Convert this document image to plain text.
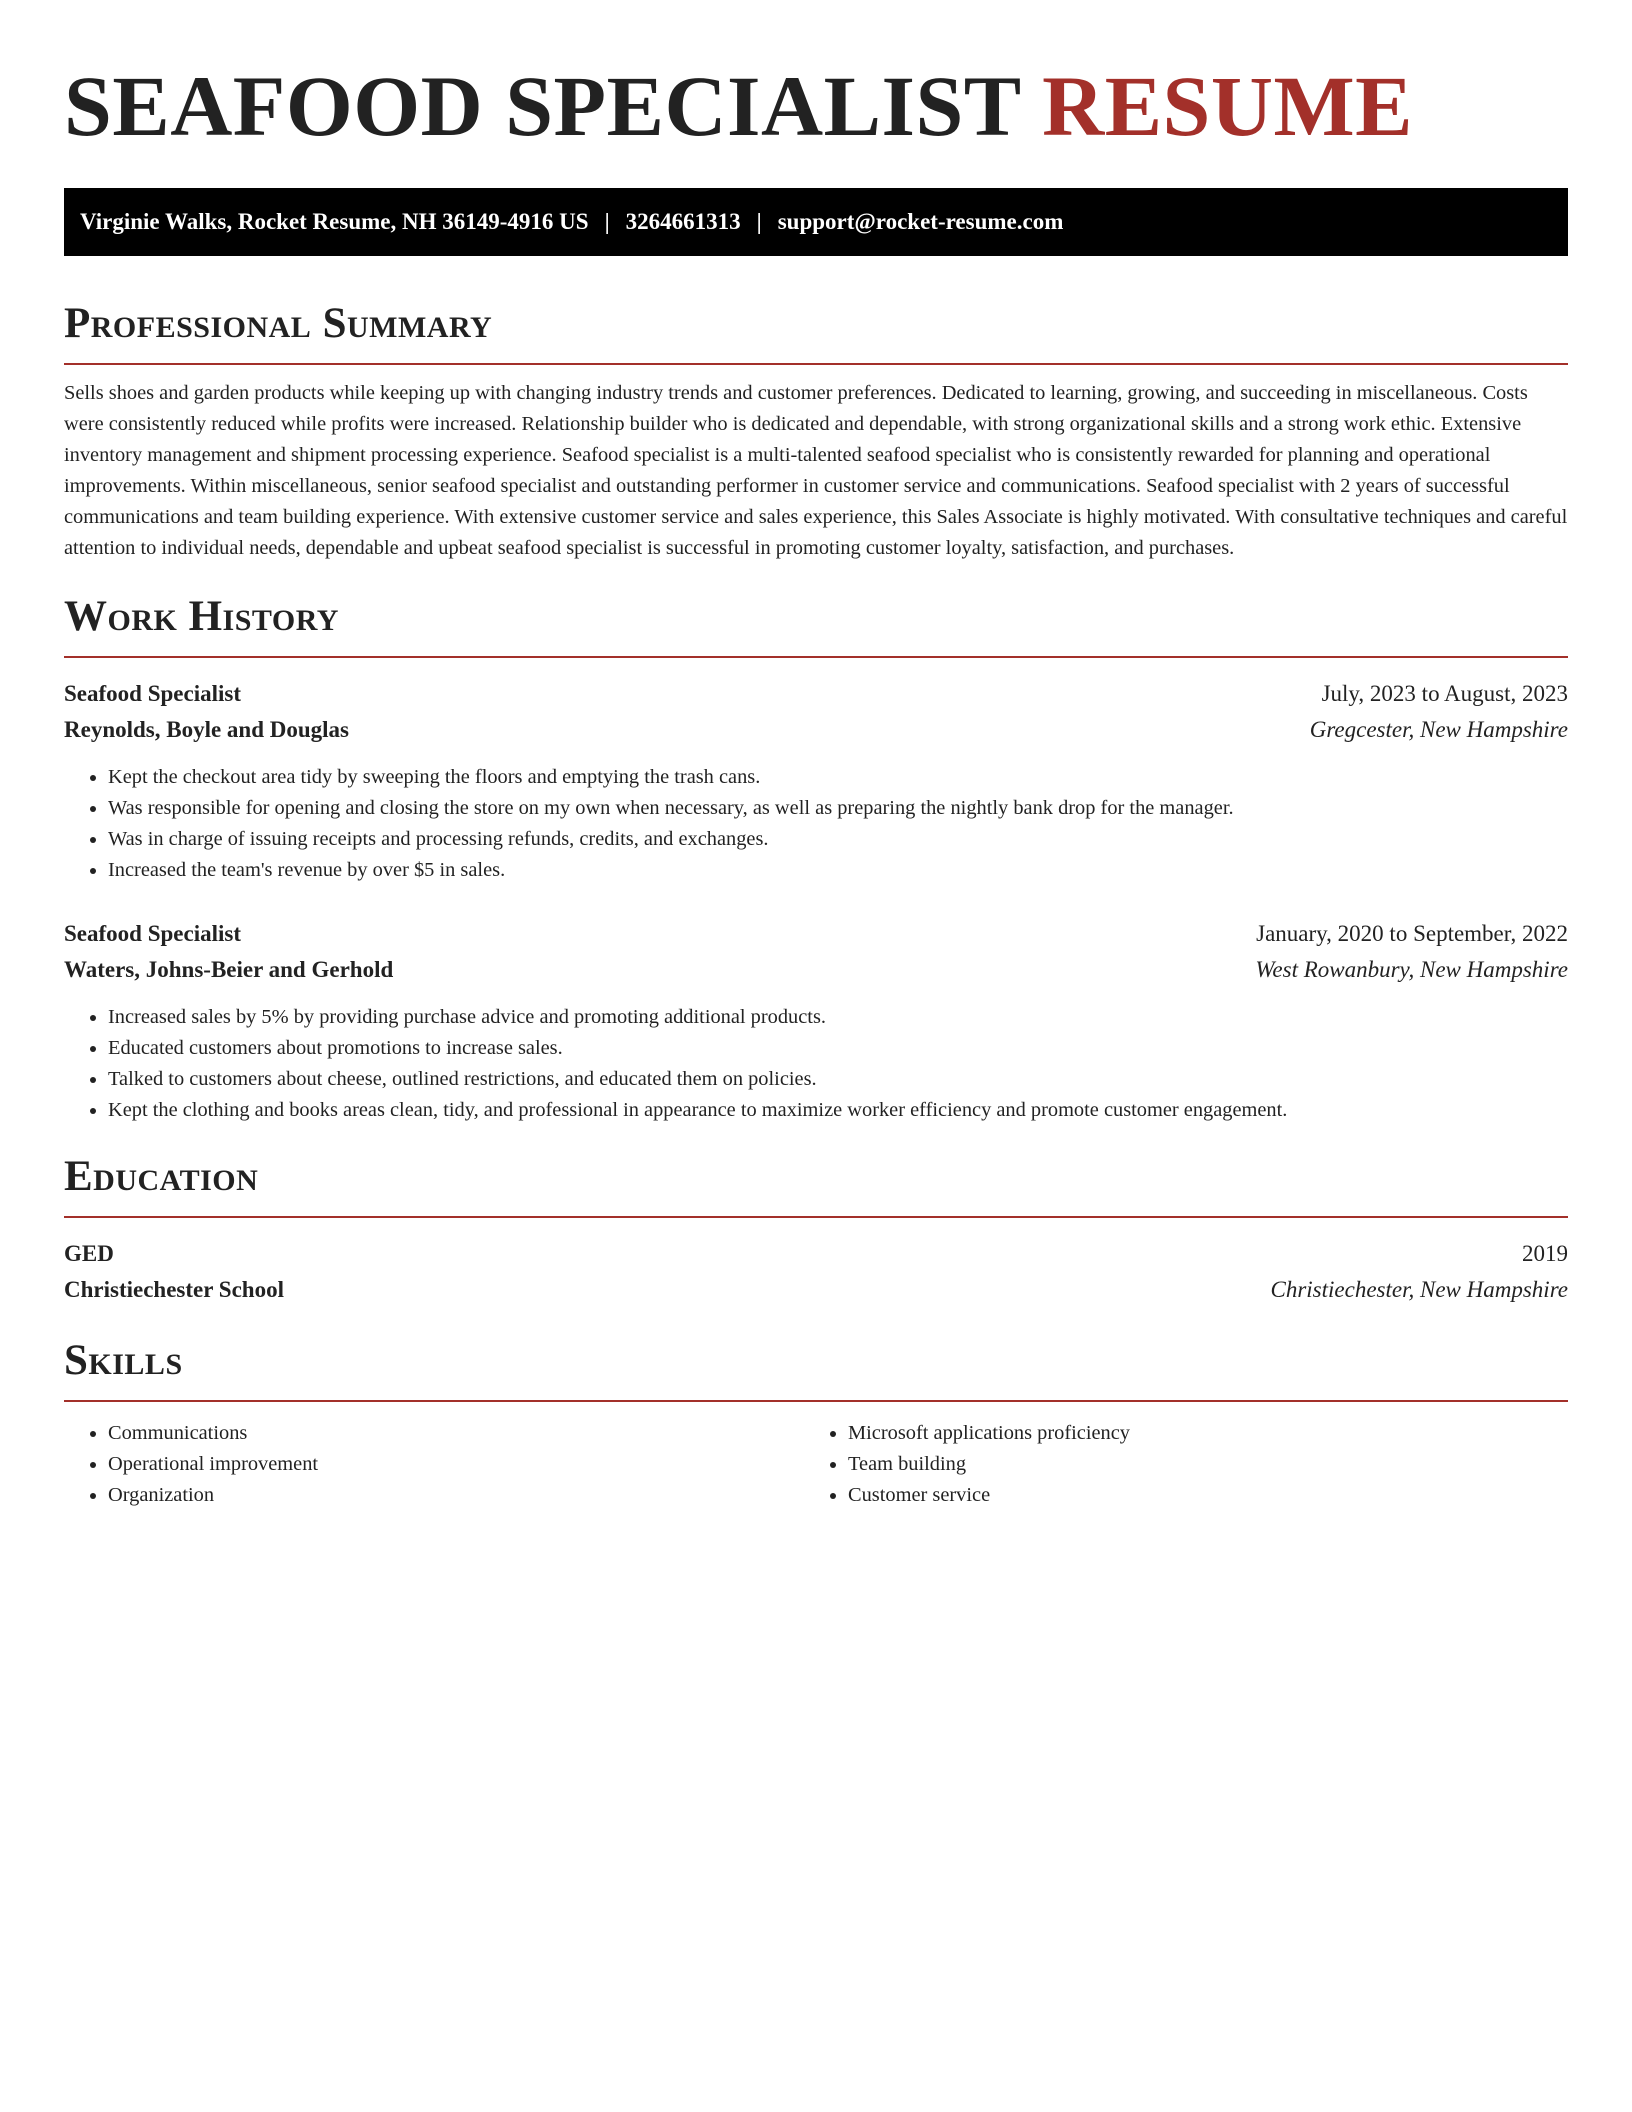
SEAFOOD SPECIALIST RESUME
Virginie Walks, Rocket Resume, NH 36149-4916 US | 3264661313 | support@rocket-resume.com
Professional Summary

Sells shoes and garden products while keeping up with changing industry trends and customer preferences. Dedicated to learning, growing, and succeeding in miscellaneous. Costs were consistently reduced while profits were increased. Relationship builder who is dedicated and dependable, with strong organizational skills and a strong work ethic. Extensive inventory management and shipment processing experience. Seafood specialist is a multi-talented seafood specialist who is consistently rewarded for planning and operational improvements. Within miscellaneous, senior seafood specialist and outstanding performer in customer service and communications. Seafood specialist with 2 years of successful communications and team building experience. With extensive customer service and sales experience, this Sales Associate is highly motivated. With consultative techniques and careful attention to individual needs, dependable and upbeat seafood specialist is successful in promoting customer loyalty, satisfaction, and purchases.

Work History
Seafood Specialist	July, 2023 to August, 2023
Reynolds, Boyle and Douglas	Gregcester, New Hampshire
• Kept the checkout area tidy by sweeping the floors and emptying the trash cans.
• Was responsible for opening and closing the store on my own when necessary, as well as preparing the nightly bank drop for the manager.
• Was in charge of issuing receipts and processing refunds, credits, and exchanges.
• Increased the team's revenue by over $5 in sales.
Seafood Specialist	January, 2020 to September, 2022
Waters, Johns-Beier and Gerhold	West Rowanbury, New Hampshire
• Increased sales by 5% by providing purchase advice and promoting additional products.
• Educated customers about promotions to increase sales.
• Talked to customers about cheese, outlined restrictions, and educated them on policies.
• Kept the clothing and books areas clean, tidy, and professional in appearance to maximize worker efficiency and promote customer engagement.
Education
GED	2019
Christiechester School	Christiechester, New Hampshire
Skills
• Communications
• Operational improvement
• Organization
• Microsoft applications proficiency
• Team building
• Customer service
